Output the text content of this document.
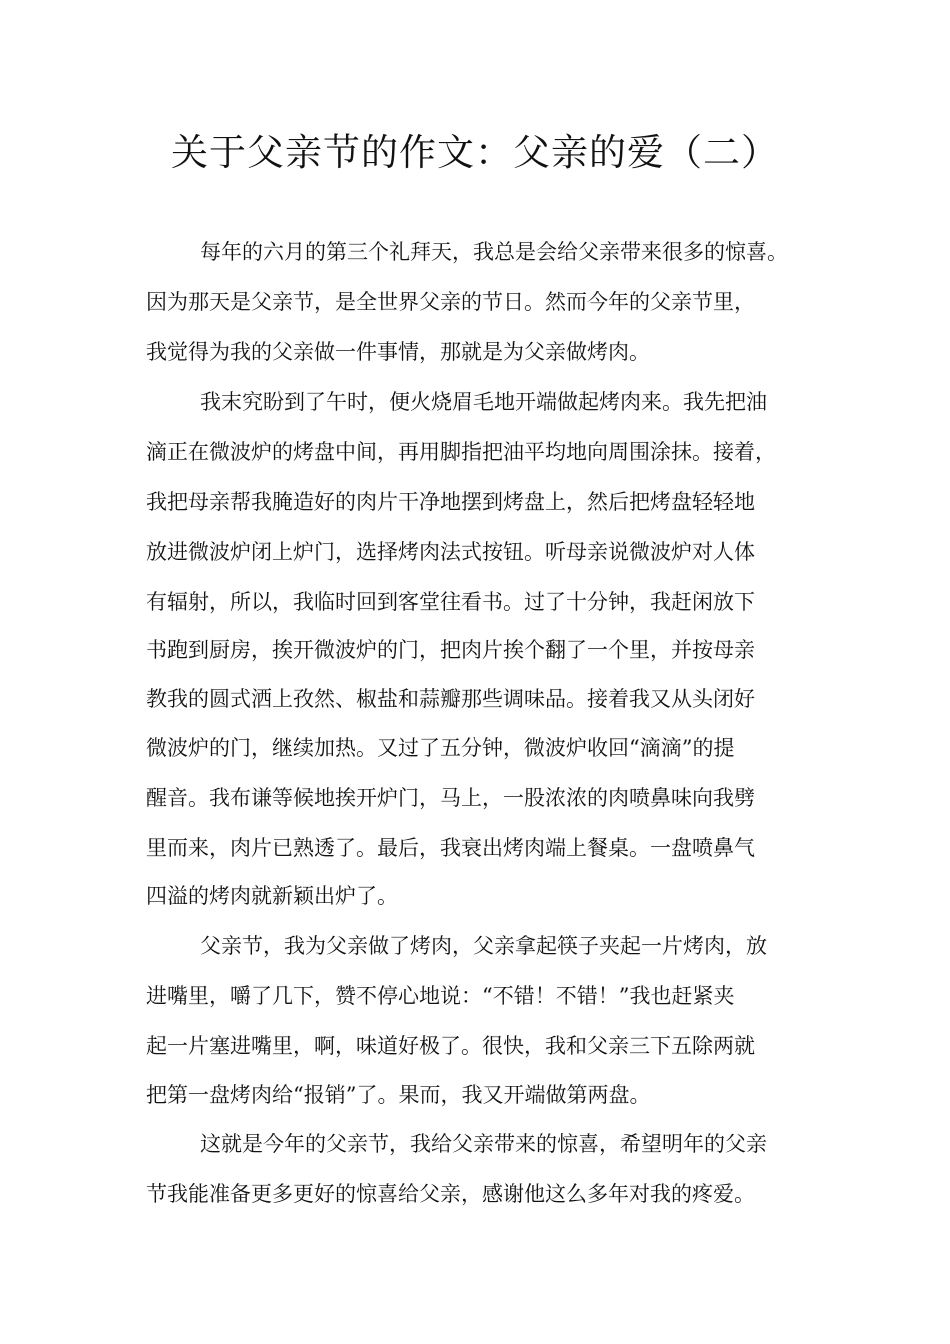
关于父亲节的作文：父亲的爱（二）

每年的六月的第三个礼拜天，我总是会给父亲带来很多的惊喜。

因为那天是父亲节，是全世界父亲的节日。然而今年的父亲节里，

我觉得为我的父亲做一件事情，那就是为父亲做烤肉。

我末究盼到了午时，便火烧眉毛地开端做起烤肉来。我先把油

滴正在微波炉的烤盘中间，再用脚指把油平均地向周围涂抹。接着，

我把母亲帮我腌造好的肉片干净地摆到烤盘上，然后把烤盘轻轻地

放进微波炉闭上炉门，选择烤肉法式按钮。听母亲说微波炉对人体

有辐射，所以，我临时回到客堂往看书。过了十分钟，我赶闲放下

书跑到厨房，挨开微波炉的门，把肉片挨个翻了一个里，并按母亲

教我的圆式洒上孜然、椒盐和蒜瓣那些调味品。接着我又从头闭好

微波炉的门，继续加热。又过了五分钟，微波炉收回“滴滴”的提

醒音。我布谦等候地挨开炉门，马上，一股浓浓的肉喷鼻味向我劈

里而来，肉片已熟透了。最后，我衰出烤肉端上餐桌。一盘喷鼻气

四溢的烤肉就新颖出炉了。

父亲节，我为父亲做了烤肉，父亲拿起筷子夹起一片烤肉，放

进嘴里，嚼了几下，赞不停心地说：“不错！不错！”我也赶紧夹

起一片塞进嘴里，啊，味道好极了。很快，我和父亲三下五除两就

把第一盘烤肉给“报销”了。果而，我又开端做第两盘。

这就是今年的父亲节，我给父亲带来的惊喜，希望明年的父亲

节我能准备更多更好的惊喜给父亲，感谢他这么多年对我的疼爱。
